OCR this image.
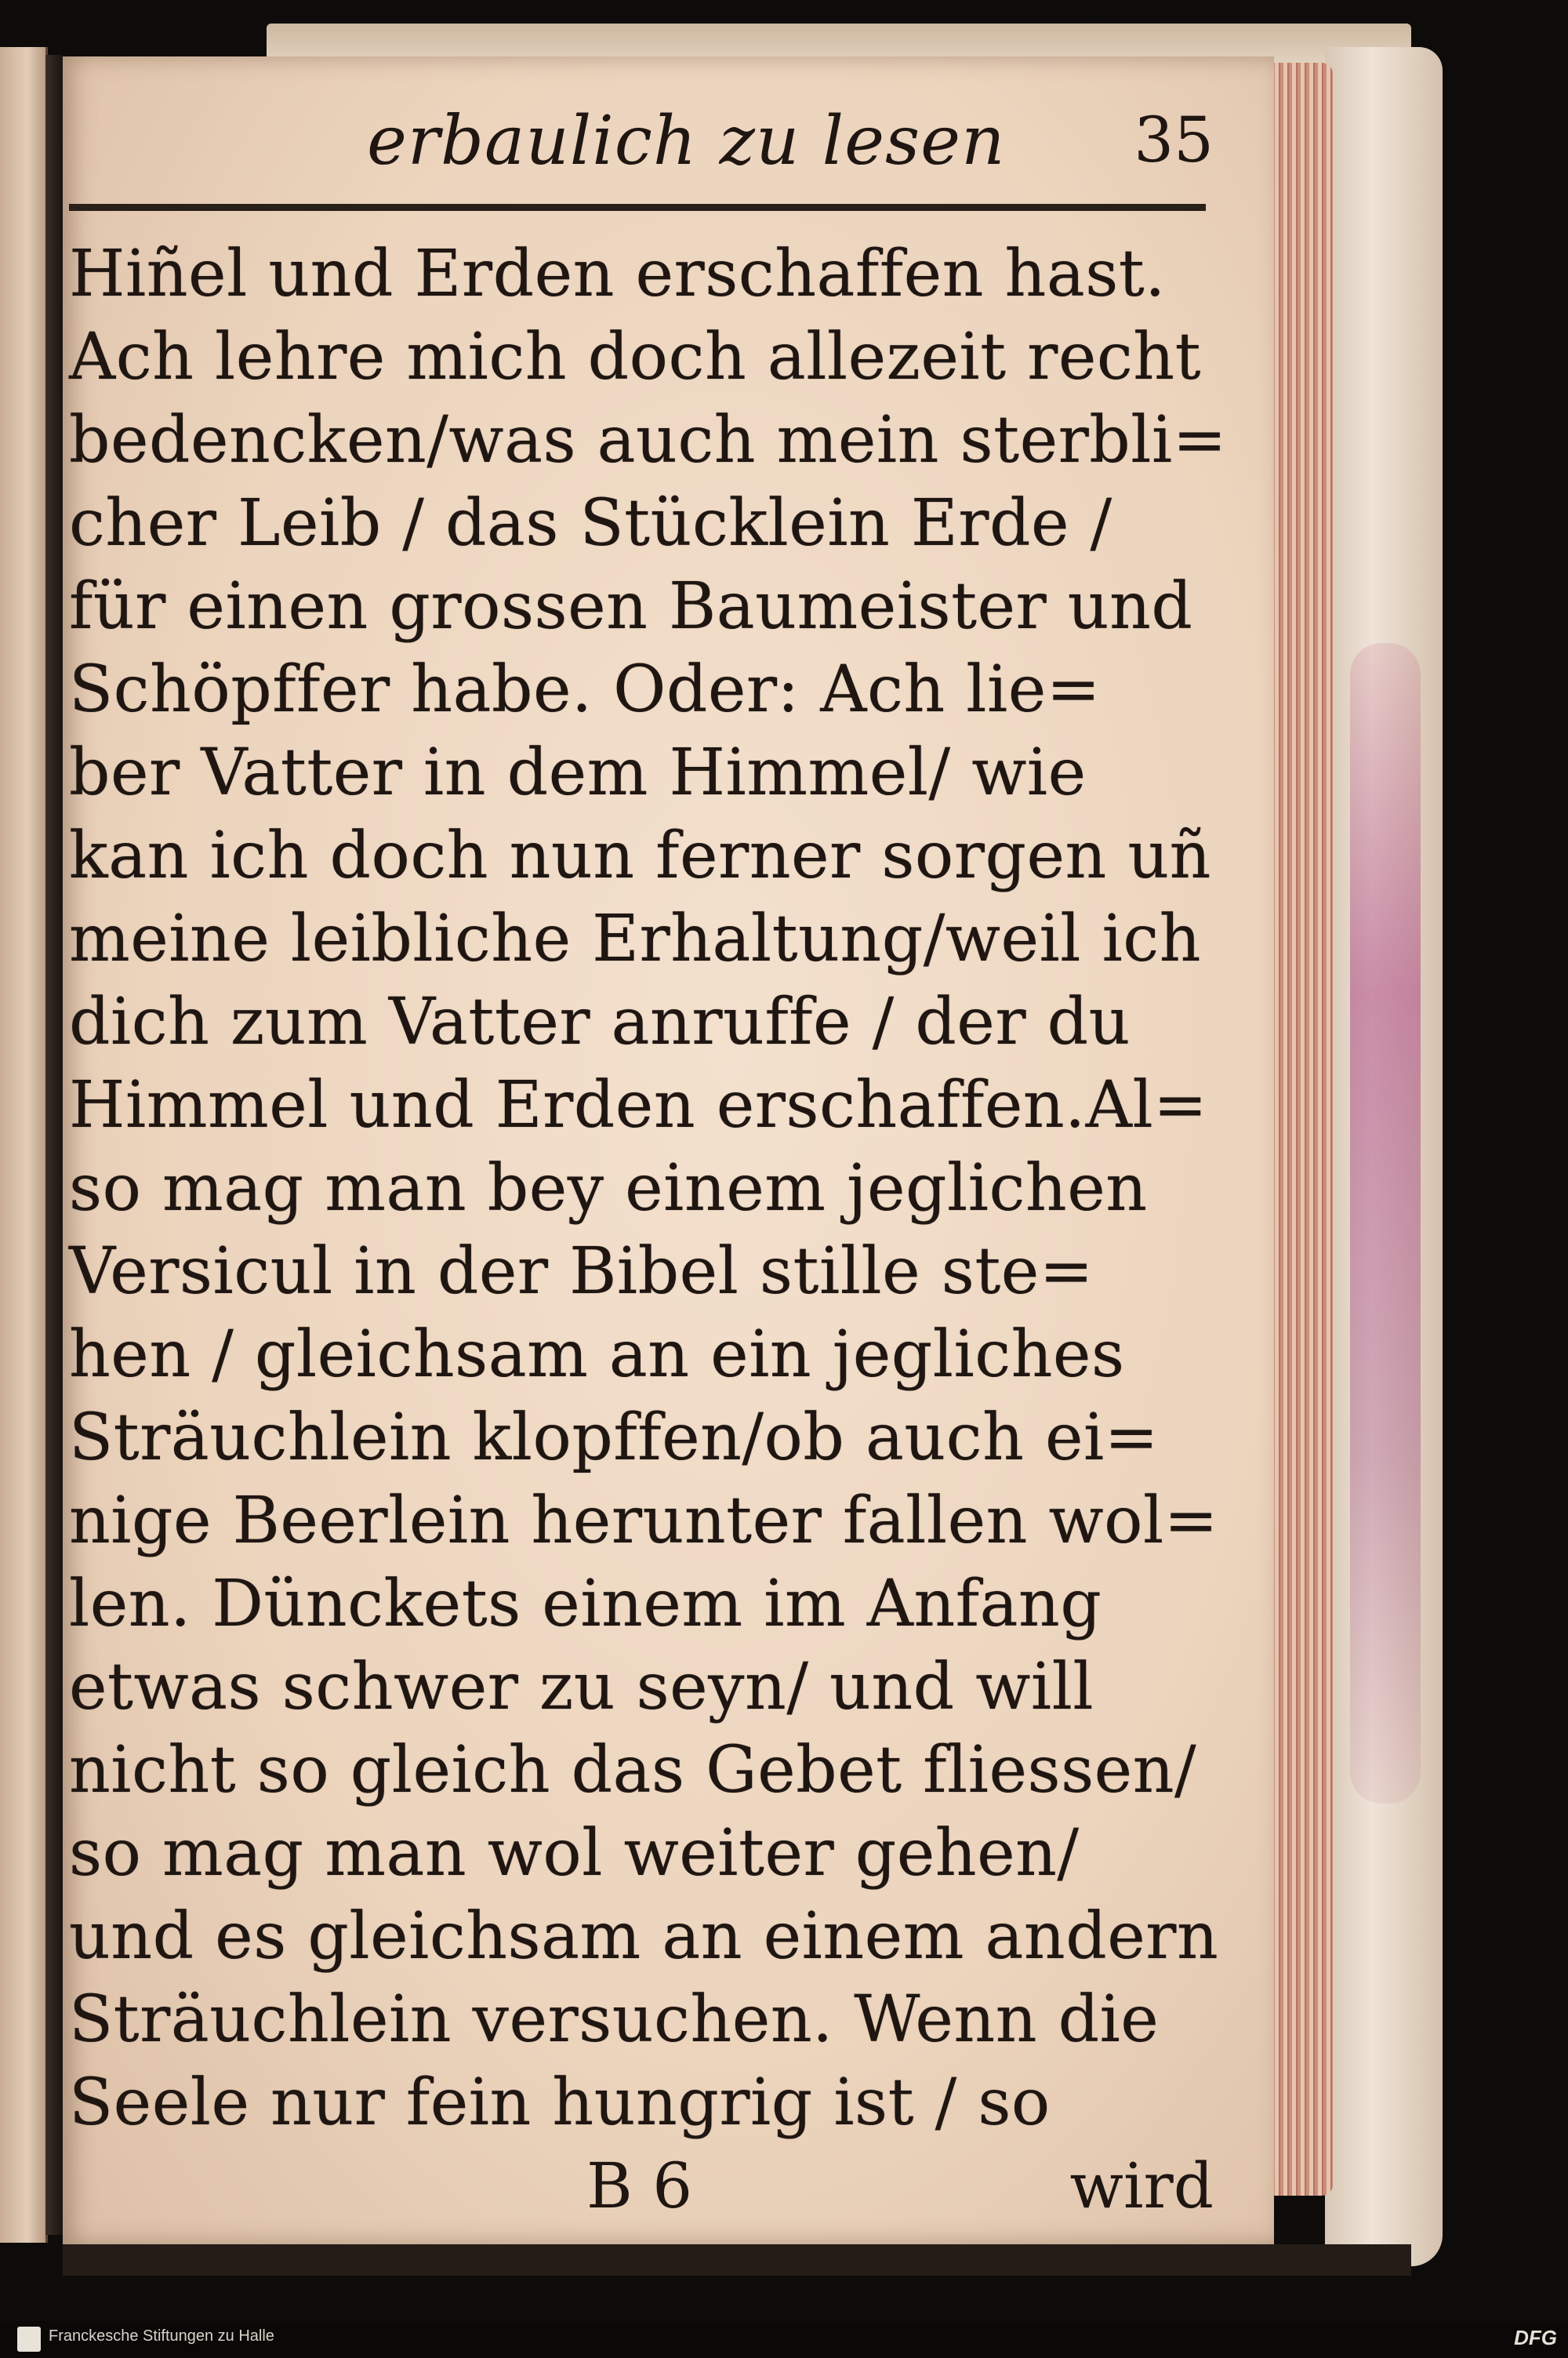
erbaulich zu lesen 35
Hiñel und Erden erschaffen hast.
Ach lehre mich doch allezeit recht
bedencken/was auch mein sterbli=
cher Leib / das Stücklein Erde /
für einen grossen Baumeister und
Schöpffer habe. Oder: Ach lie=
ber Vatter in dem Himmel/ wie
kan ich doch nun ferner sorgen uñ
meine leibliche Erhaltung/weil ich
dich zum Vatter anruffe / der du
Himmel und Erden erschaffen.Al=
so mag man bey einem jeglichen
Versicul in der Bibel stille ste=
hen / gleichsam an ein jegliches
Sträuchlein klopffen/ob auch ei=
nige Beerlein herunter fallen wol=
len. Dünckets einem im Anfang
etwas schwer zu seyn/ und will
nicht so gleich das Gebet fliessen/
so mag man wol weiter gehen/
und es gleichsam an einem andern
Sträuchlein versuchen. Wenn die
Seele nur fein hungrig ist / so
B 6	wird
Franckesche Stiftungen zu Halle	DFG
